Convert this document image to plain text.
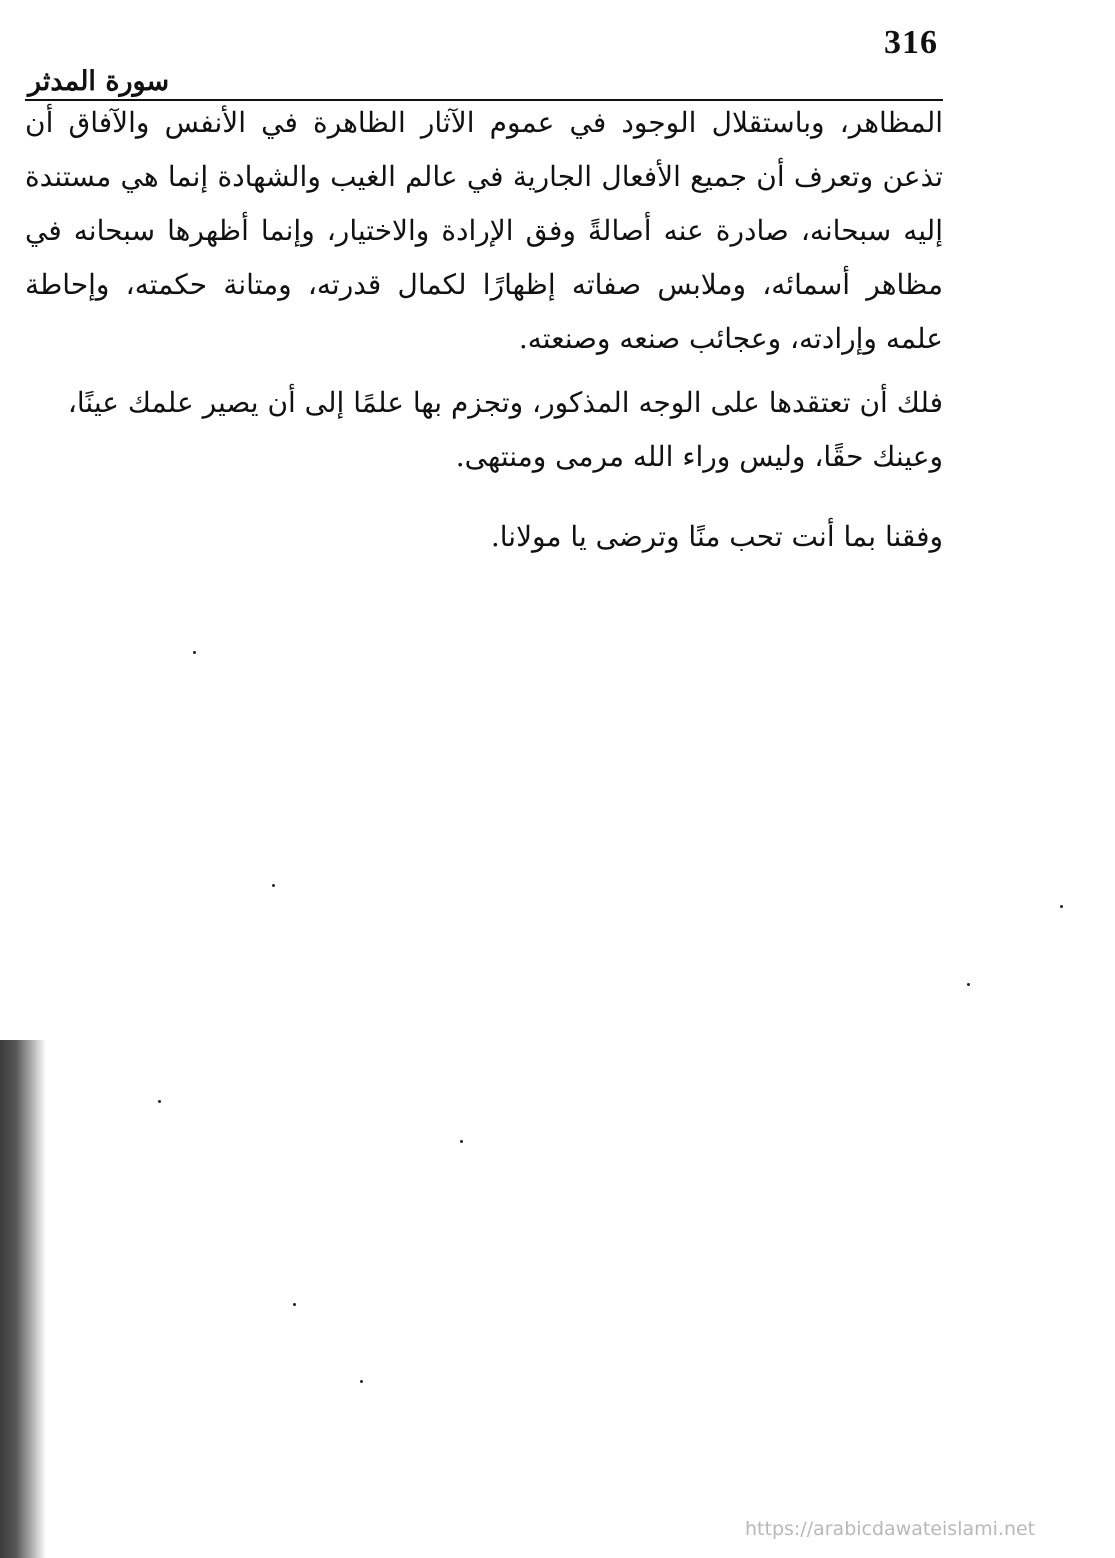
316
سورة المدثر
المظاهر، وباستقلال الوجود في عموم الآثار الظاهرة في الأنفس والآفاق أن تذعن وتعرف أن جميع الأفعال الجارية في عالم الغيب والشهادة إنما هي مستندة إليه سبحانه، صادرة عنه أصالةً وفق الإرادة والاختيار، وإنما أظهرها سبحانه في مظاهر أسمائه، وملابس صفاته إظهارًا لكمال قدرته، ومتانة حكمته، وإحاطة علمه وإرادته، وعجائب صنعه وصنعته.
فلك أن تعتقدها على الوجه المذكور، وتجزم بها علمًا إلى أن يصير علمك عينًا، وعينك حقًا، وليس وراء الله مرمى ومنتهى.
وفقنا بما أنت تحب منًا وترضى يا مولانا.
https://arabicdawateislami.net
